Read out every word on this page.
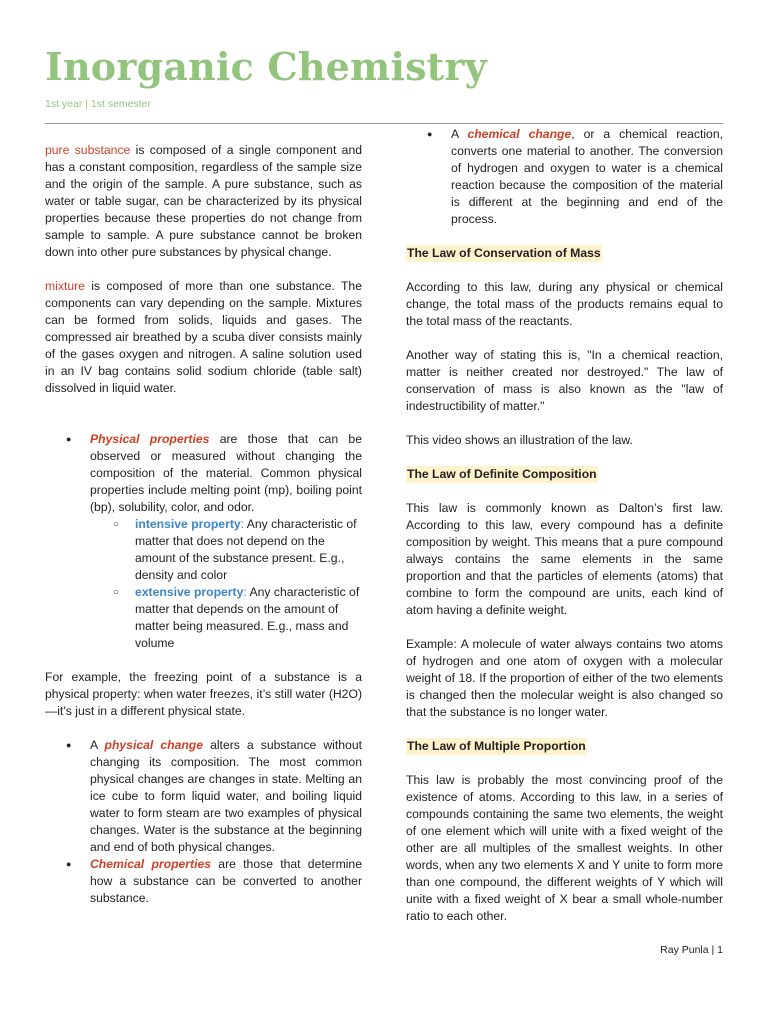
Inorganic Chemistry
1st year | 1st semester

pure substance is composed of a single component and has a constant composition, regardless of the sample size and the origin of the sample. A pure substance, such as water or table sugar, can be characterized by its physical properties because these properties do not change from sample to sample. A pure substance cannot be broken down into other pure substances by physical change.

mixture is composed of more than one substance. The components can vary depending on the sample. Mixtures can be formed from solids, liquids and gases. The compressed air breathed by a scuba diver consists mainly of the gases oxygen and nitrogen. A saline solution used in an IV bag contains solid sodium chloride (table salt) dissolved in liquid water.

● Physical properties are those that can be observed or measured without changing the composition of the material. Common physical properties include melting point (mp), boiling point (bp), solubility, color, and odor.
○ intensive property: Any characteristic of matter that does not depend on the amount of the substance present. E.g., density and color
○ extensive property: Any characteristic of matter that depends on the amount of matter being measured. E.g., mass and volume

For example, the freezing point of a substance is a physical property: when water freezes, it’s still water (H2O)—it’s just in a different physical state.

● A physical change alters a substance without changing its composition. The most common physical changes are changes in state. Melting an ice cube to form liquid water, and boiling liquid water to form steam are two examples of physical changes. Water is the substance at the beginning and end of both physical changes.
● Chemical properties are those that determine how a substance can be converted to another substance.
● A chemical change, or a chemical reaction, converts one material to another. The conversion of hydrogen and oxygen to water is a chemical reaction because the composition of the material is different at the beginning and end of the process.

The Law of Conservation of Mass

According to this law, during any physical or chemical change, the total mass of the products remains equal to the total mass of the reactants.

Another way of stating this is, "In a chemical reaction, matter is neither created nor destroyed." The law of conservation of mass is also known as the "law of indestructibility of matter."

This video shows an illustration of the law.

The Law of Definite Composition

This law is commonly known as Dalton’s first law. According to this law, every compound has a definite composition by weight. This means that a pure compound always contains the same elements in the same proportion and that the particles of elements (atoms) that combine to form the compound are units, each kind of atom having a definite weight.

Example: A molecule of water always contains two atoms of hydrogen and one atom of oxygen with a molecular weight of 18. If the proportion of either of the two elements is changed then the molecular weight is also changed so that the substance is no longer water.

The Law of Multiple Proportion

This law is probably the most convincing proof of the existence of atoms. According to this law, in a series of compounds containing the same two elements, the weight of one element which will unite with a fixed weight of the other are all multiples of the smallest weights. In other words, when any two elements X and Y unite to form more than one compound, the different weights of Y which will unite with a fixed weight of X bear a small whole-number ratio to each other.

Ray Punla | 1
